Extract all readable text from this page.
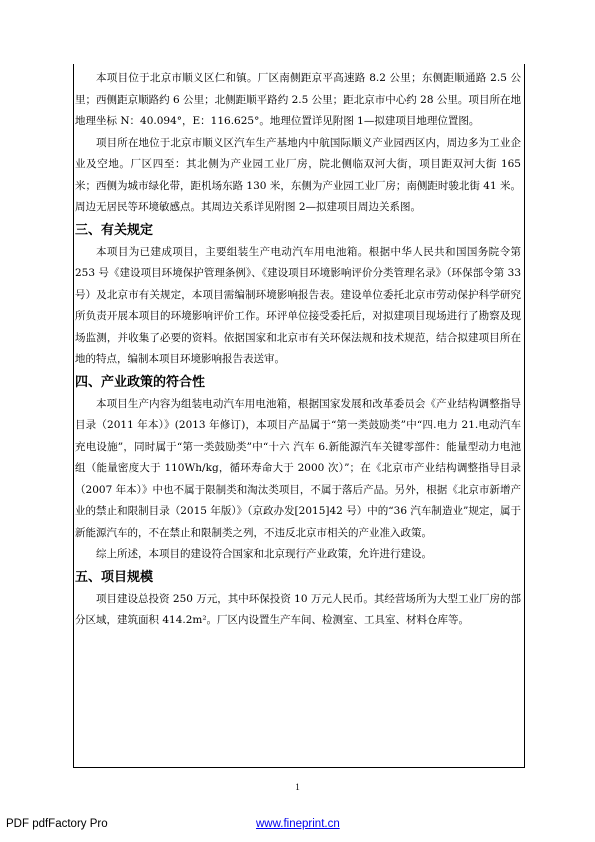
本项目位于北京市顺义区仁和镇。厂区南侧距京平高速路 8.2 公里；东侧距顺通路 2.5 公里；西侧距京顺路约 6 公里；北侧距顺平路约 2.5 公里；距北京市中心约 28 公里。项目所在地地理坐标 N：40.094°，E：116.625°。地理位置详见附图 1—拟建项目地理位置图。

项目所在地位于北京市顺义区汽车生产基地内中航国际顺义产业园西区内，周边多为工业企业及空地。厂区四至：其北侧为产业园工业厂房，院北侧临双河大街，项目距双河大街 165 米；西侧为城市绿化带，距机场东路 130 米，东侧为产业园工业厂房；南侧距时骏北街 41 米。周边无居民等环境敏感点。其周边关系详见附图 2—拟建项目周边关系图。

三、有关规定

本项目为已建成项目，主要组装生产电动汽车用电池箱。根据中华人民共和国国务院令第 253 号《建设项目环境保护管理条例》、《建设项目环境影响评价分类管理名录》（环保部令第 33 号）及北京市有关规定，本项目需编制环境影响报告表。建设单位委托北京市劳动保护科学研究所负责开展本项目的环境影响评价工作。环评单位接受委托后，对拟建项目现场进行了勘察及现场监测，并收集了必要的资料。依据国家和北京市有关环保法规和技术规范，结合拟建项目所在地的特点，编制本项目环境影响报告表送审。

四、产业政策的符合性

本项目生产内容为组装电动汽车用电池箱，根据国家发展和改革委员会《产业结构调整指导目录（2011 年本）》(2013 年修订)，本项目产品属于“第一类鼓励类”中“四.电力 21.电动汽车充电设施”，同时属于“第一类鼓励类”中“十六 汽车 6.新能源汽车关键零部件：能量型动力电池组（能量密度大于 110Wh/kg，循环寿命大于 2000 次）”；在《北京市产业结构调整指导目录（2007 年本）》中也不属于限制类和淘汰类项目，不属于落后产品。另外，根据《北京市新增产业的禁止和限制目录（2015 年版）》（京政办发[2015]42 号）中的“36 汽车制造业”规定，属于新能源汽车的，不在禁止和限制类之列，不违反北京市相关的产业准入政策。

综上所述，本项目的建设符合国家和北京现行产业政策，允许进行建设。

五、项目规模

项目建设总投资 250 万元，其中环保投资 10 万元人民币。其经营场所为大型工业厂房的部分区域，建筑面积 414.2m²。厂区内设置生产车间、检测室、工具室、材料仓库等。

1
PDF pdfFactory Pro	www.fineprint.cn
